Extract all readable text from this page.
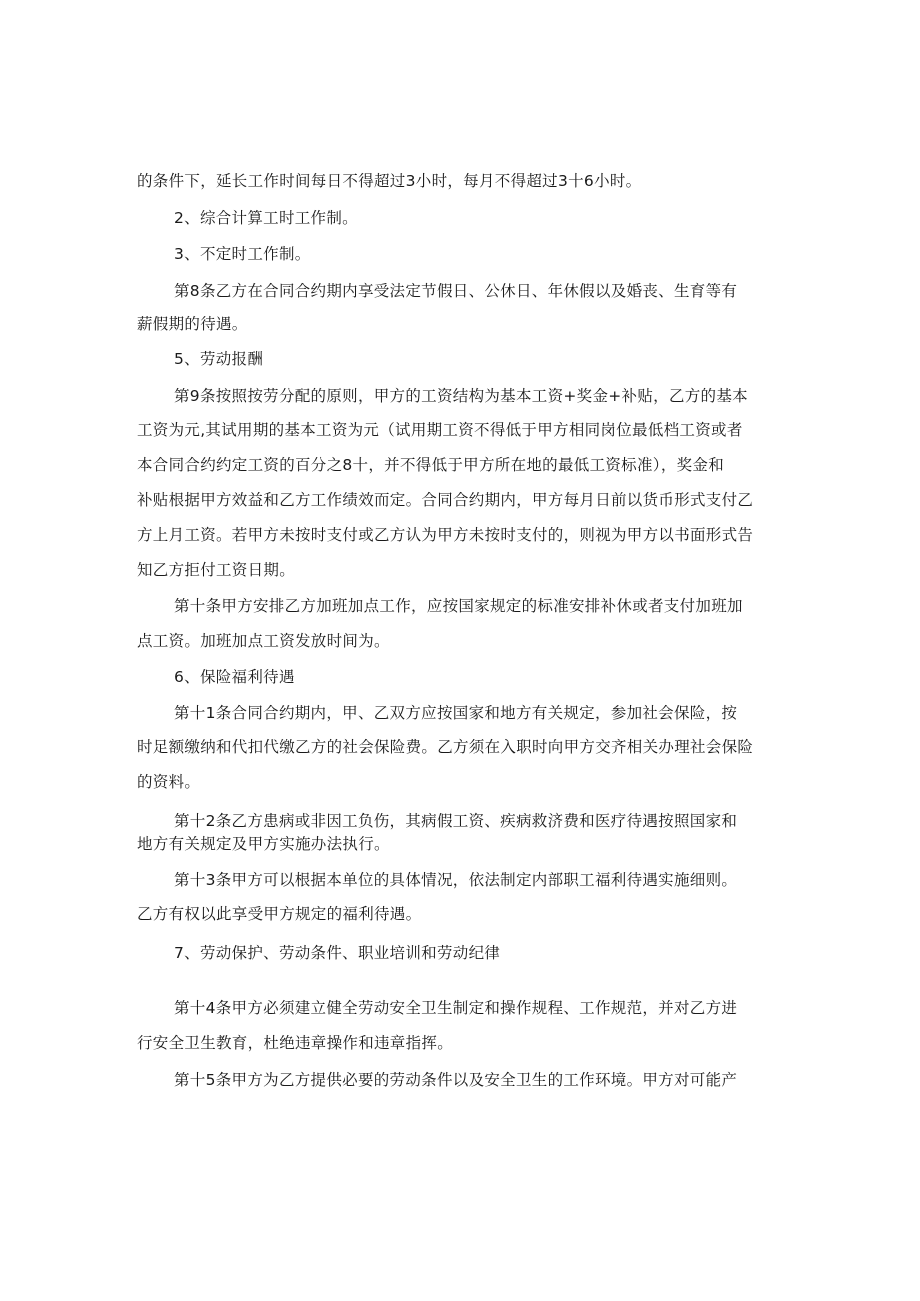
的条件下，延长工作时间每日不得超过3小时，每月不得超过3十6小时。
2、综合计算工时工作制。
3、不定时工作制。
第8条乙方在合同合约期内享受法定节假日、公休日、年休假以及婚丧、生育等有
薪假期的待遇。
5、劳动报酬
第9条按照按劳分配的原则，甲方的工资结构为基本工资+奖金+补贴，乙方的基本
工资为元,其试用期的基本工资为元（试用期工资不得低于甲方相同岗位最低档工资或者
本合同合约约定工资的百分之8十，并不得低于甲方所在地的最低工资标准），奖金和
补贴根据甲方效益和乙方工作绩效而定。合同合约期内，甲方每月日前以货币形式支付乙
方上月工资。若甲方未按时支付或乙方认为甲方未按时支付的，则视为甲方以书面形式告
知乙方拒付工资日期。
第十条甲方安排乙方加班加点工作，应按国家规定的标准安排补休或者支付加班加
点工资。加班加点工资发放时间为。
6、保险福利待遇
第十1条合同合约期内，甲、乙双方应按国家和地方有关规定，参加社会保险，按
时足额缴纳和代扣代缴乙方的社会保险费。乙方须在入职时向甲方交齐相关办理社会保险
的资料。
第十2条乙方患病或非因工负伤，其病假工资、疾病救济费和医疗待遇按照国家和
地方有关规定及甲方实施办法执行。
第十3条甲方可以根据本单位的具体情况，依法制定内部职工福利待遇实施细则。
乙方有权以此享受甲方规定的福利待遇。
7、劳动保护、劳动条件、职业培训和劳动纪律
第十4条甲方必须建立健全劳动安全卫生制定和操作规程、工作规范，并对乙方进
行安全卫生教育，杜绝违章操作和违章指挥。
第十5条甲方为乙方提供必要的劳动条件以及安全卫生的工作环境。甲方对可能产
